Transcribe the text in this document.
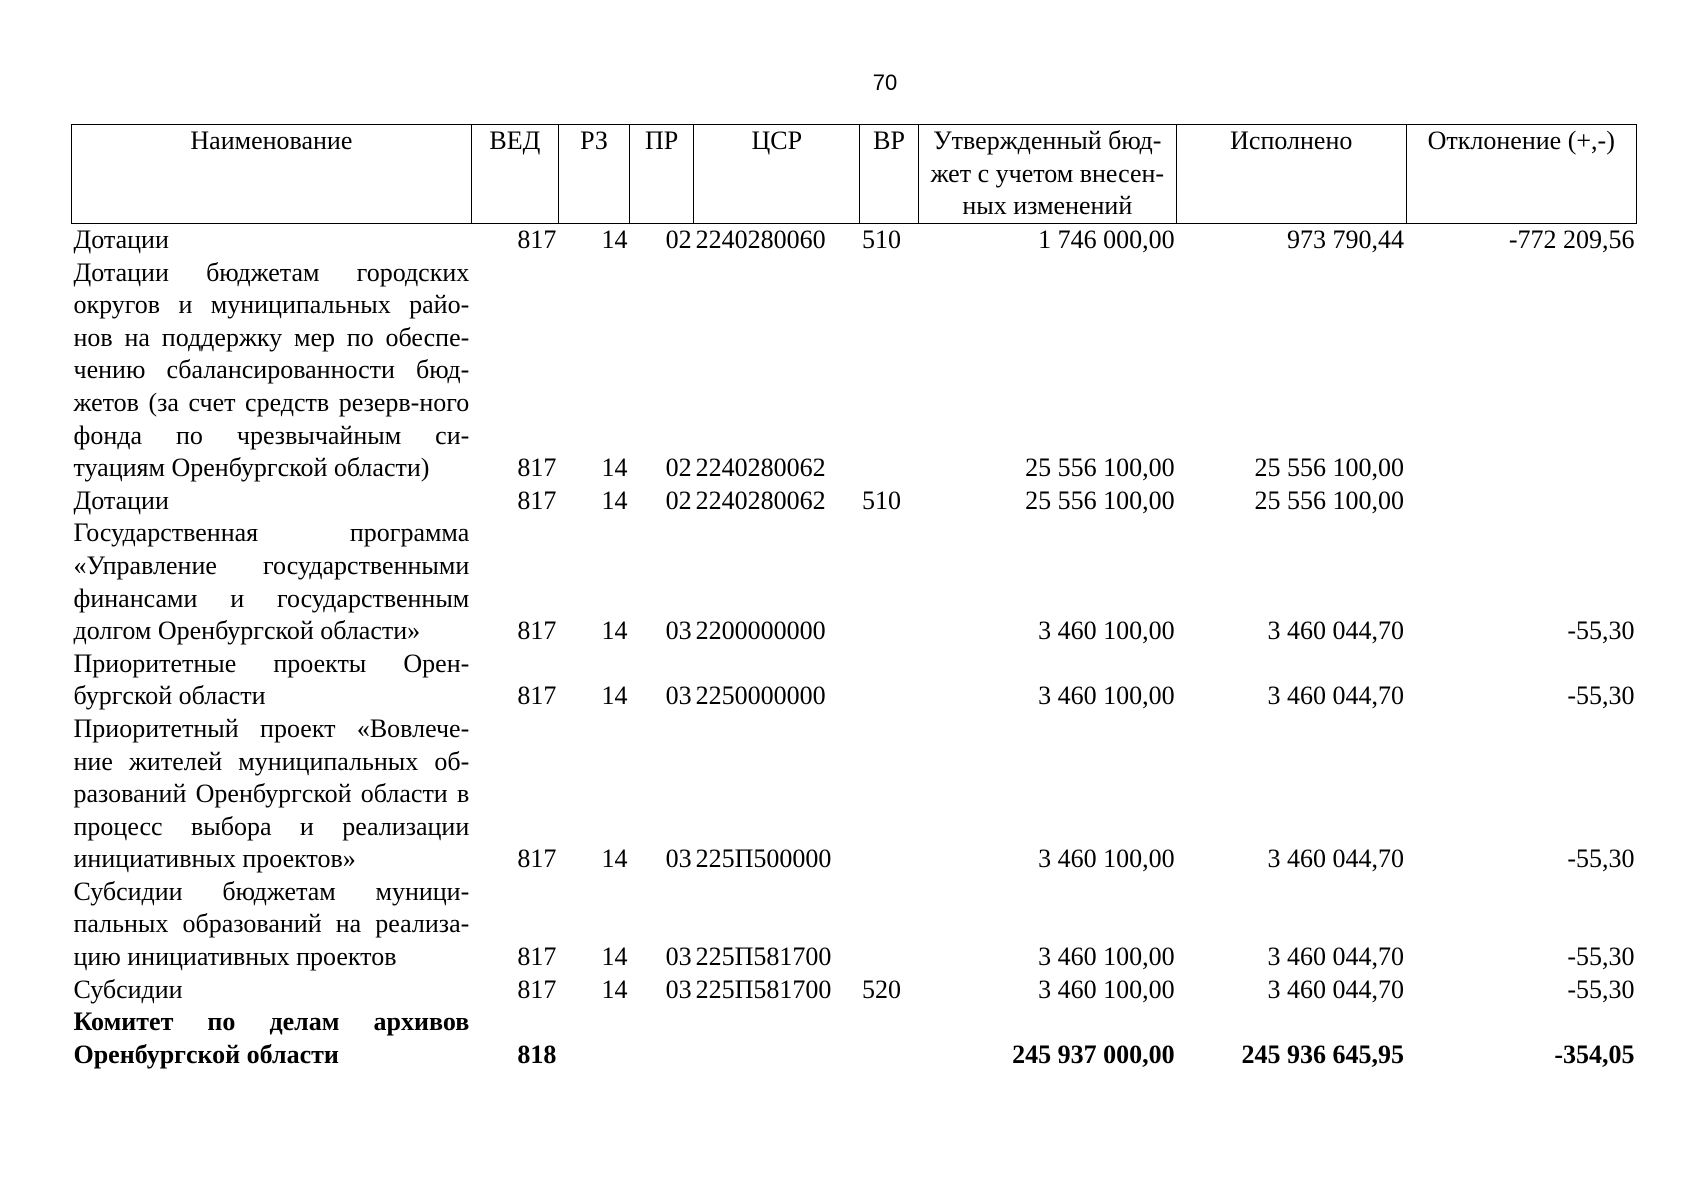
70
Наименование	ВЕД	РЗ	ПР	ЦСР	ВР	Утвержденный бюд-жет с учетом внесен-ных изменений	Исполнено	Отклонение (+,-)
Дотации	817	14	02	2240280060	510	1 746 000,00	973 790,44	-772 209,56
Дотации бюджетам городских округов и муниципальных райо-нов на поддержку мер по обеспе-чению сбалансированности бюд-жетов (за счет средств резерв-ного фонда по чрезвычайным си-туациям Оренбургской области)	817	14	02	2240280062		25 556 100,00	25 556 100,00	
Дотации	817	14	02	2240280062	510	25 556 100,00	25 556 100,00	
Государственная программа «Управление государственными финансами и государственным долгом Оренбургской области»	817	14	03	2200000000		3 460 100,00	3 460 044,70	-55,30
Приоритетные проекты Орен-бургской области	817	14	03	2250000000		3 460 100,00	3 460 044,70	-55,30
Приоритетный проект «Вовлече-ние жителей муниципальных об-разований Оренбургской области в процесс выбора и реализации инициативных проектов»	817	14	03	225П500000		3 460 100,00	3 460 044,70	-55,30
Субсидии бюджетам муници-пальных образований на реализа-цию инициативных проектов	817	14	03	225П581700		3 460 100,00	3 460 044,70	-55,30
Субсидии	817	14	03	225П581700	520	3 460 100,00	3 460 044,70	-55,30
Комитет по делам архивов Оренбургской области	818					245 937 000,00	245 936 645,95	-354,05
